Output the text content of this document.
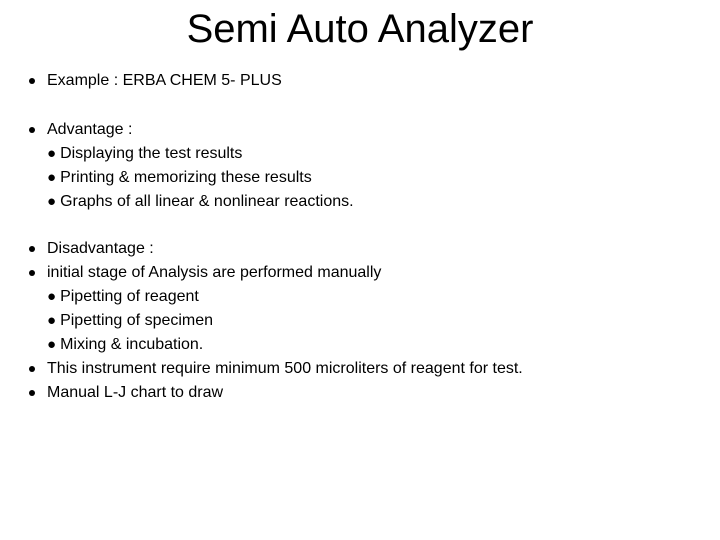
Semi Auto Analyzer
Example : ERBA CHEM 5- PLUS
Advantage :
● Displaying the test results
● Printing & memorizing these results
● Graphs of all linear & nonlinear reactions.
Disadvantage :
initial stage of Analysis are performed manually
● Pipetting of reagent
● Pipetting of specimen
● Mixing & incubation.
This instrument require minimum 500 microliters of reagent for test.
Manual L-J chart to draw
